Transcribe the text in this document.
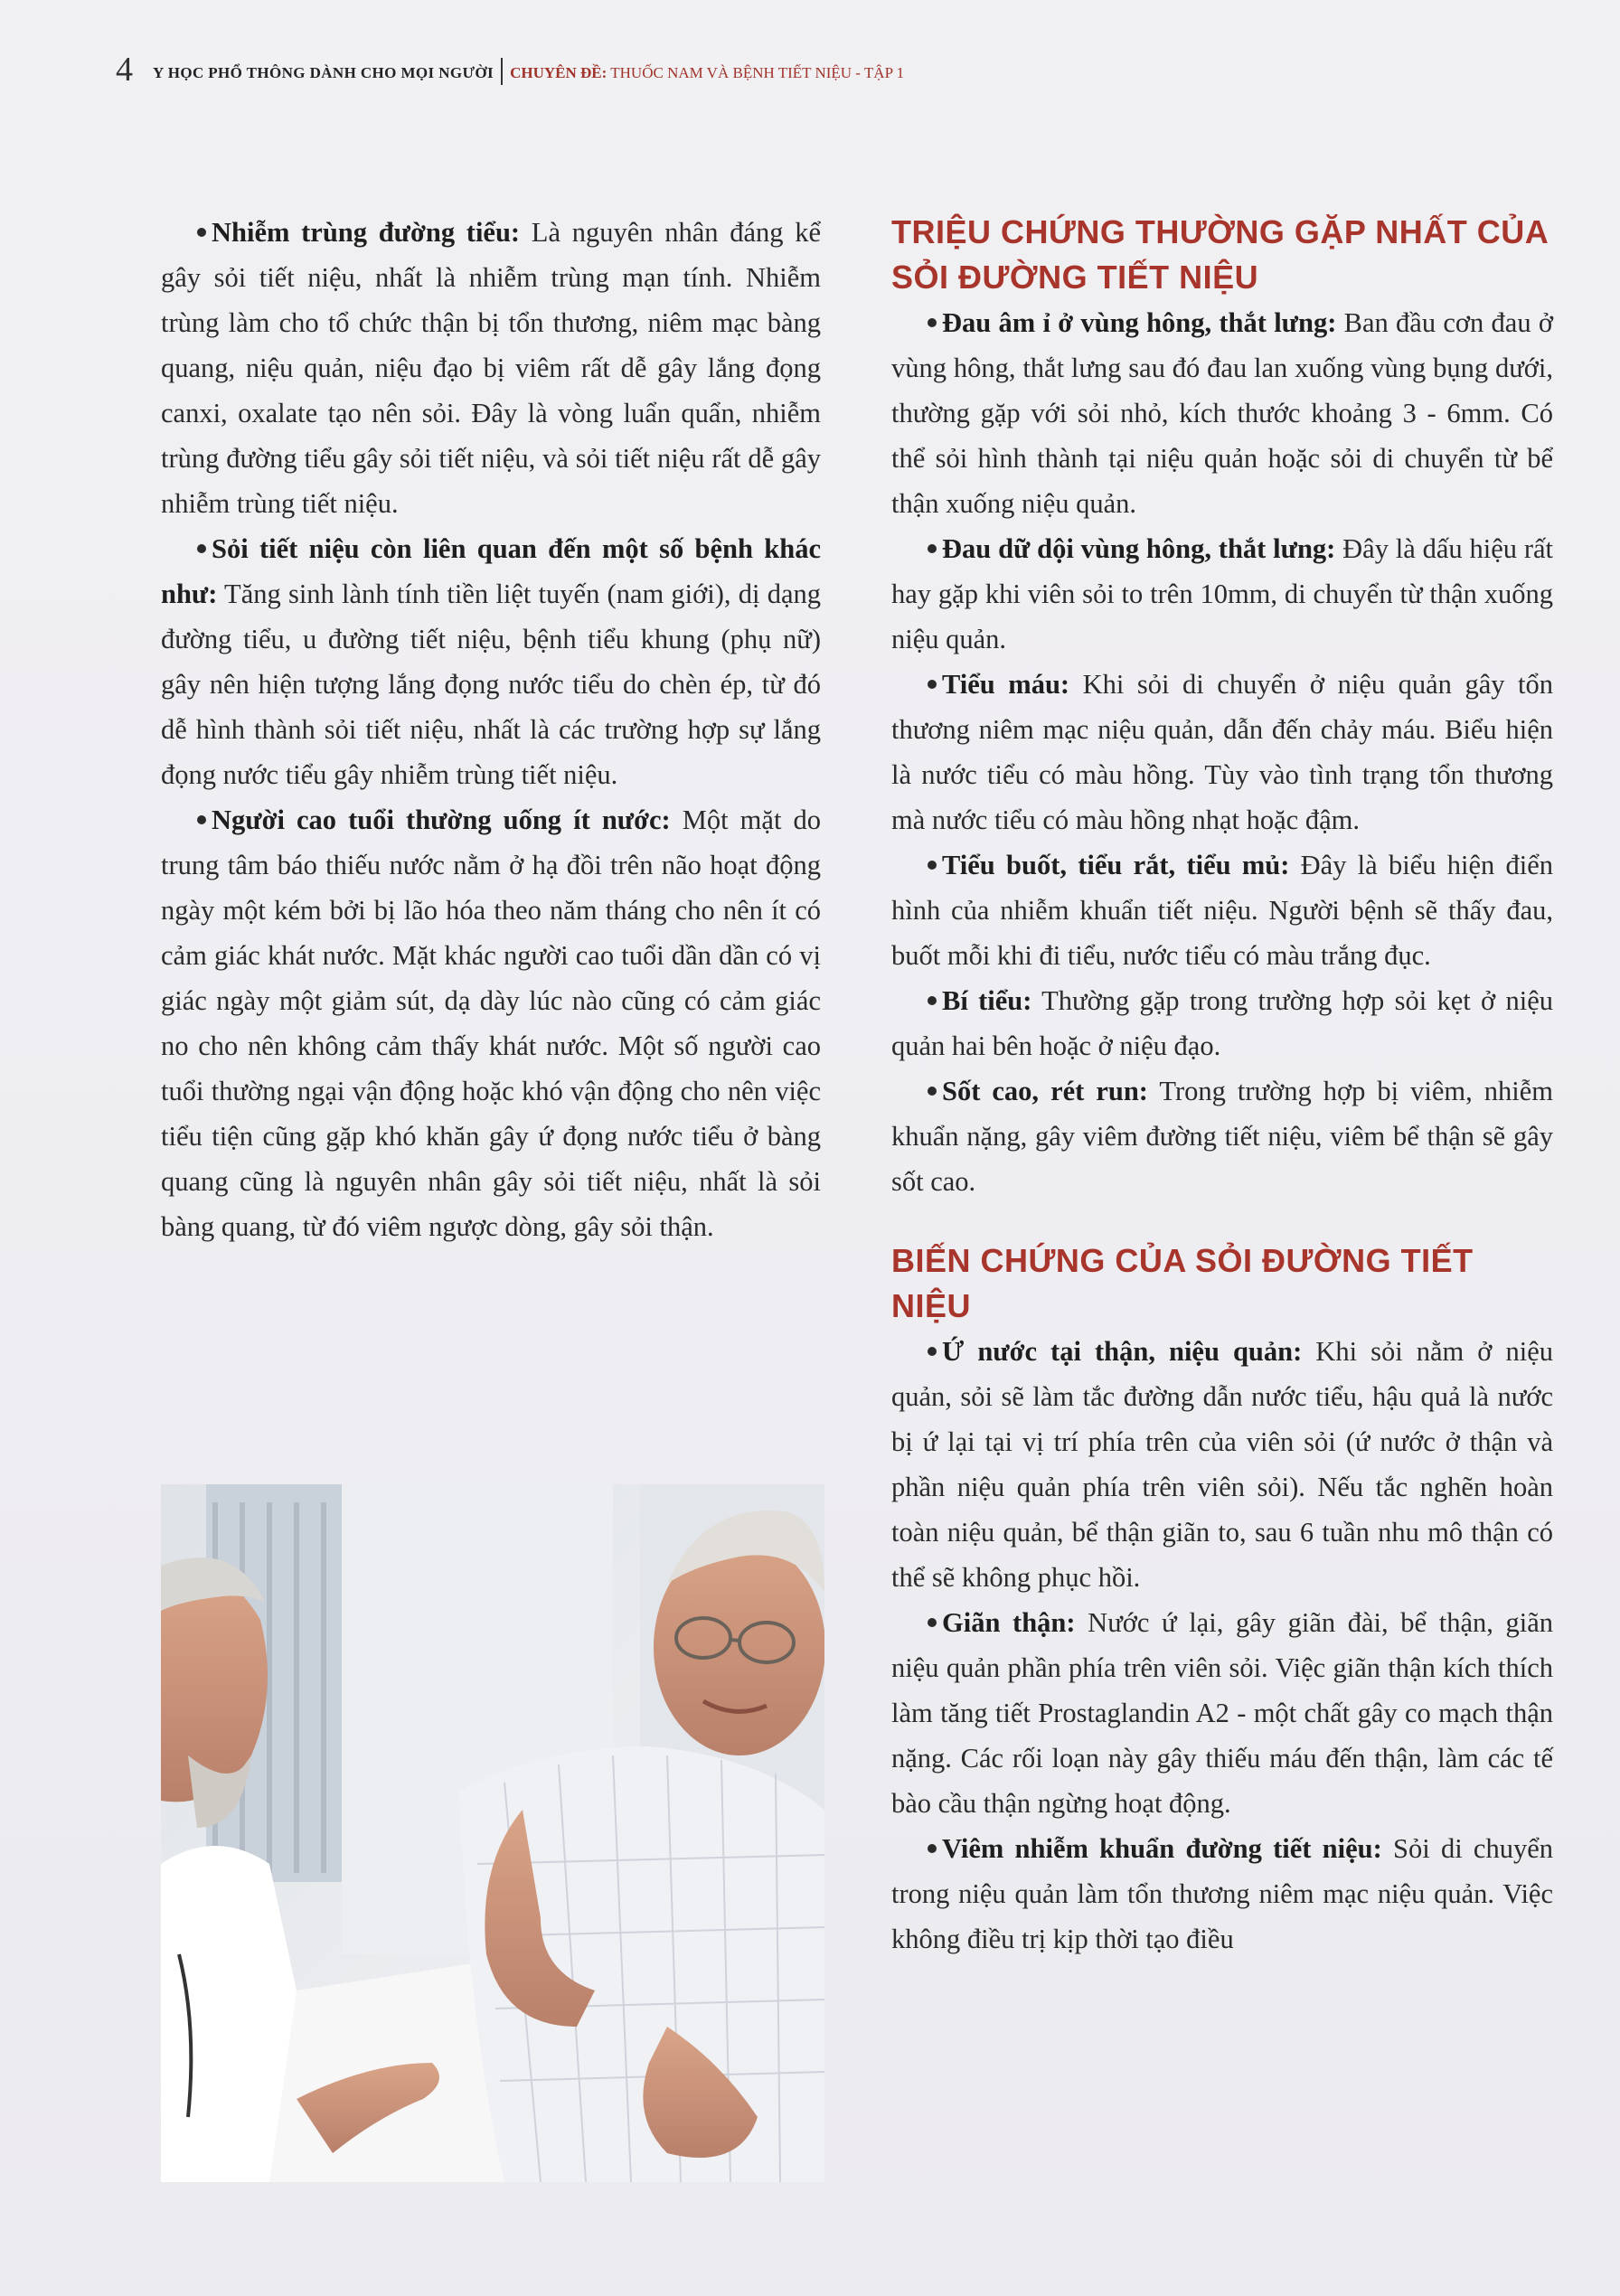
4 Y HỌC PHỔ THÔNG DÀNH CHO MỌI NGƯỜI CHUYÊN ĐỀ: THUỐC NAM VÀ BỆNH TIẾT NIỆU - TẬP 1

Nhiễm trùng đường tiểu: Là nguyên nhân đáng kể gây sỏi tiết niệu, nhất là nhiễm trùng mạn tính. Nhiễm trùng làm cho tổ chức thận bị tổn thương, niêm mạc bàng quang, niệu quản, niệu đạo bị viêm rất dễ gây lắng đọng canxi, oxalate tạo nên sỏi. Đây là vòng luẩn quẩn, nhiễm trùng đường tiểu gây sỏi tiết niệu, và sỏi tiết niệu rất dễ gây nhiễm trùng tiết niệu.

Sỏi tiết niệu còn liên quan đến một số bệnh khác như: Tăng sinh lành tính tiền liệt tuyến (nam giới), dị dạng đường tiểu, u đường tiết niệu, bệnh tiểu khung (phụ nữ) gây nên hiện tượng lắng đọng nước tiểu do chèn ép, từ đó dễ hình thành sỏi tiết niệu, nhất là các trường hợp sự lắng đọng nước tiểu gây nhiễm trùng tiết niệu.

Người cao tuổi thường uống ít nước: Một mặt do trung tâm báo thiếu nước nằm ở hạ đồi trên não hoạt động ngày một kém bởi bị lão hóa theo năm tháng cho nên ít có cảm giác khát nước. Mặt khác người cao tuổi dần dần có vị giác ngày một giảm sút, dạ dày lúc nào cũng có cảm giác no cho nên không cảm thấy khát nước. Một số người cao tuổi thường ngại vận động hoặc khó vận động cho nên việc tiểu tiện cũng gặp khó khăn gây ứ đọng nước tiểu ở bàng quang cũng là nguyên nhân gây sỏi tiết niệu, nhất là sỏi bàng quang, từ đó viêm ngược dòng, gây sỏi thận.

TRIỆU CHỨNG THƯỜNG GẶP NHẤT CỦA SỎI ĐƯỜNG TIẾT NIỆU

Đau âm ỉ ở vùng hông, thắt lưng: Ban đầu cơn đau ở vùng hông, thắt lưng sau đó đau lan xuống vùng bụng dưới, thường gặp với sỏi nhỏ, kích thước khoảng 3 - 6mm. Có thể sỏi hình thành tại niệu quản hoặc sỏi di chuyển từ bể thận xuống niệu quản.

Đau dữ dội vùng hông, thắt lưng: Đây là dấu hiệu rất hay gặp khi viên sỏi to trên 10mm, di chuyển từ thận xuống niệu quản.

Tiểu máu: Khi sỏi di chuyển ở niệu quản gây tổn thương niêm mạc niệu quản, dẫn đến chảy máu. Biểu hiện là nước tiểu có màu hồng. Tùy vào tình trạng tổn thương mà nước tiểu có màu hồng nhạt hoặc đậm.

Tiểu buốt, tiểu rắt, tiểu mủ: Đây là biểu hiện điển hình của nhiễm khuẩn tiết niệu. Người bệnh sẽ thấy đau, buốt mỗi khi đi tiểu, nước tiểu có màu trắng đục.

Bí tiểu: Thường gặp trong trường hợp sỏi kẹt ở niệu quản hai bên hoặc ở niệu đạo.

Sốt cao, rét run: Trong trường hợp bị viêm, nhiễm khuẩn nặng, gây viêm đường tiết niệu, viêm bể thận sẽ gây sốt cao.

BIẾN CHỨNG CỦA SỎI ĐƯỜNG TIẾT NIỆU

Ứ nước tại thận, niệu quản: Khi sỏi nằm ở niệu quản, sỏi sẽ làm tắc đường dẫn nước tiểu, hậu quả là nước bị ứ lại tại vị trí phía trên của viên sỏi (ứ nước ở thận và phần niệu quản phía trên viên sỏi). Nếu tắc nghẽn hoàn toàn niệu quản, bể thận giãn to, sau 6 tuần nhu mô thận có thể sẽ không phục hồi.

Giãn thận: Nước ứ lại, gây giãn đài, bể thận, giãn niệu quản phần phía trên viên sỏi. Việc giãn thận kích thích làm tăng tiết Prostaglandin A2 - một chất gây co mạch thận nặng. Các rối loạn này gây thiếu máu đến thận, làm các tế bào cầu thận ngừng hoạt động.

Viêm nhiễm khuẩn đường tiết niệu: Sỏi di chuyển trong niệu quản làm tổn thương niêm mạc niệu quản. Việc không điều trị kịp thời tạo điều
